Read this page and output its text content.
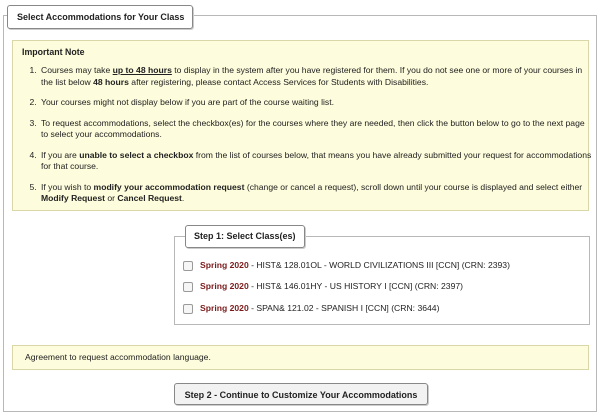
Select Accommodations for Your Class
Important Note
1. Courses may take up to 48 hours to display in the system after you have registered for them. If you do not see one or more of your courses in the list below 48 hours after registering, please contact Access Services for Students with Disabilities.
2. Your courses might not display below if you are part of the course waiting list.
3. To request accommodations, select the checkbox(es) for the courses where they are needed, then click the button below to go to the next page to select your accommodations.
4. If you are unable to select a checkbox from the list of courses below, that means you have already submitted your request for accommodations for that course.
5. If you wish to modify your accommodation request (change or cancel a request), scroll down until your course is displayed and select either Modify Request or Cancel Request.
Step 1: Select Class(es)
Spring 2020 - HIST& 128.01OL - WORLD CIVILIZATIONS III [CCN] (CRN: 2393)
Spring 2020 - HIST& 146.01HY - US HISTORY I [CCN] (CRN: 2397)
Spring 2020 - SPAN& 121.02 - SPANISH I [CCN] (CRN: 3644)
Agreement to request accommodation language.
Step 2 - Continue to Customize Your Accommodations
